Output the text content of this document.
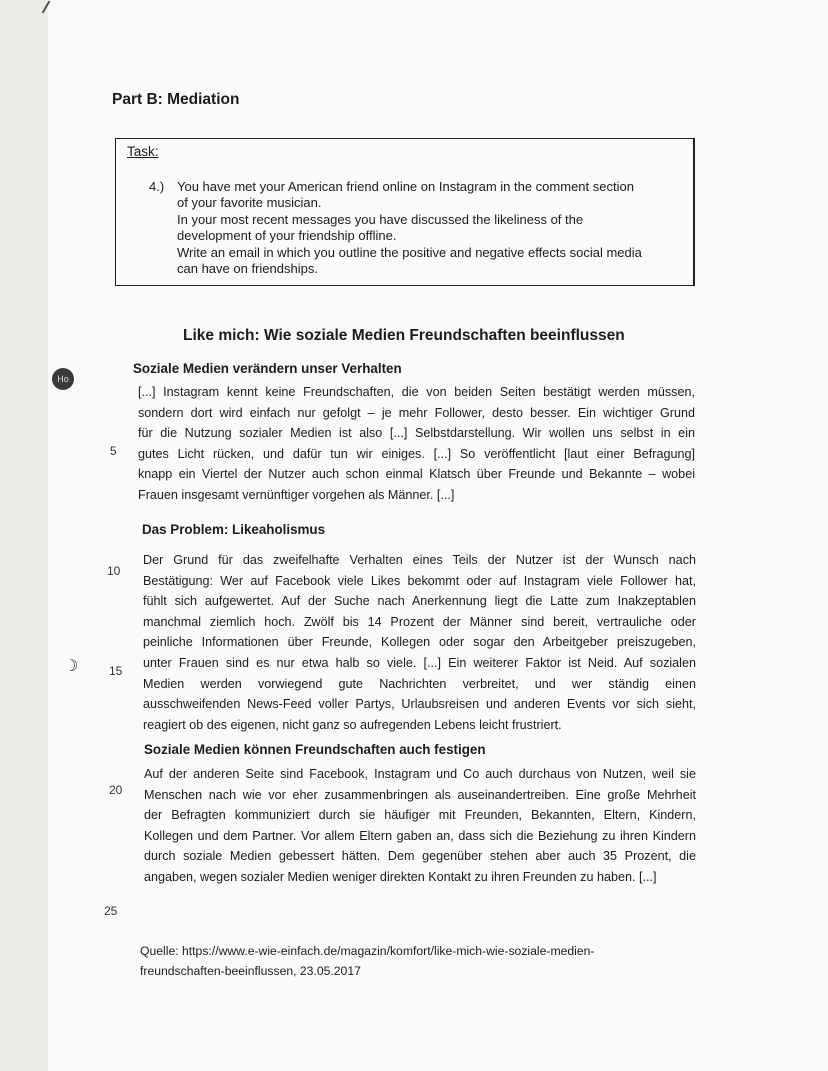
Part B: Mediation
Task:
4.) You have met your American friend online on Instagram in the comment section
of your favorite musician.
In your most recent messages you have discussed the likeliness of the
development of your friendship offline.
Write an email in which you outline the positive and negative effects social media
can have on friendships.
Like mich: Wie soziale Medien Freundschaften beeinflussen
Soziale Medien verändern unser Verhalten
[...] Instagram kennt keine Freundschaften, die von beiden Seiten bestätigt werden müssen,
sondern dort wird einfach nur gefolgt – je mehr Follower, desto besser. Ein wichtiger Grund
für die Nutzung sozialer Medien ist also [...] Selbstdarstellung. Wir wollen uns selbst in ein
gutes Licht rücken, und dafür tun wir einiges. [...] So veröffentlicht [laut einer Befragung]
knapp ein Viertel der Nutzer auch schon einmal Klatsch über Freunde und Bekannte – wobei
Frauen insgesamt vernünftiger vorgehen als Männer. [...]
Das Problem: Likeaholismus
Der Grund für das zweifelhafte Verhalten eines Teils der Nutzer ist der Wunsch nach
Bestätigung: Wer auf Facebook viele Likes bekommt oder auf Instagram viele Follower hat,
fühlt sich aufgewertet. Auf der Suche nach Anerkennung liegt die Latte zum Inakzeptablen
manchmal ziemlich hoch. Zwölf bis 14 Prozent der Männer sind bereit, vertrauliche oder
peinliche Informationen über Freunde, Kollegen oder sogar den Arbeitgeber preiszugeben,
unter Frauen sind es nur etwa halb so viele. [...] Ein weiterer Faktor ist Neid. Auf sozialen
Medien werden vorwiegend gute Nachrichten verbreitet, und wer ständig einen
ausschweifenden News-Feed voller Partys, Urlaubsreisen und anderen Events vor sich sieht,
reagiert ob des eigenen, nicht ganz so aufregenden Lebens leicht frustriert.
Soziale Medien können Freundschaften auch festigen
Auf der anderen Seite sind Facebook, Instagram und Co auch durchaus von Nutzen, weil sie
Menschen nach wie vor eher zusammenbringen als auseinandertreiben. Eine große Mehrheit
der Befragten kommuniziert durch sie häufiger mit Freunden, Bekannten, Eltern, Kindern,
Kollegen und dem Partner. Vor allem Eltern gaben an, dass sich die Beziehung zu ihren Kindern
durch soziale Medien gebessert hätten. Dem gegenüber stehen aber auch 35 Prozent, die
angaben, wegen sozialer Medien weniger direkten Kontakt zu ihren Freunden zu haben. [...]
5
10
15
20
25
Quelle: https://www.e-wie-einfach.de/magazin/komfort/like-mich-wie-soziale-medien-
freundschaften-beeinflussen, 23.05.2017
Ho
☽
